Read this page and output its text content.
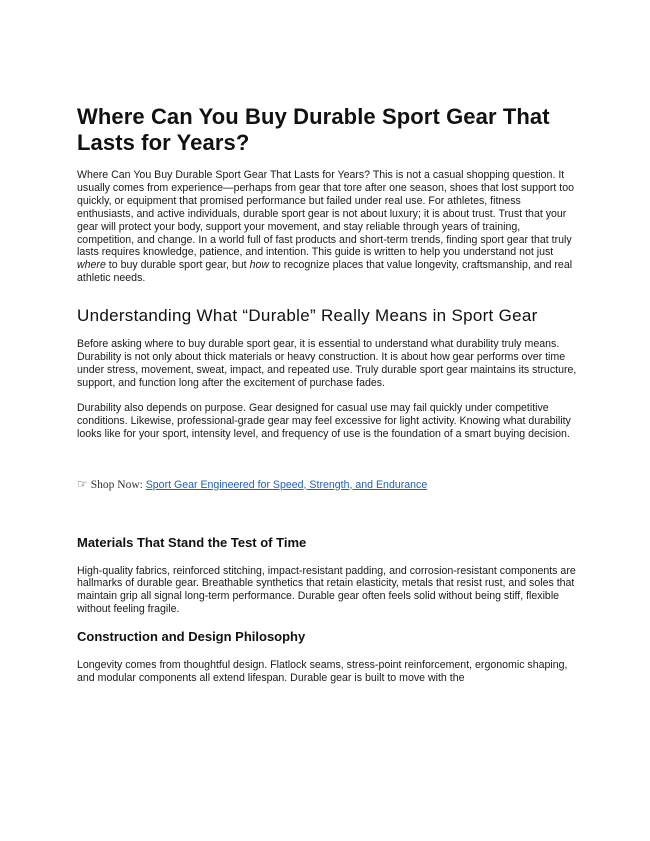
Where Can You Buy Durable Sport Gear That Lasts for Years?

Where Can You Buy Durable Sport Gear That Lasts for Years? This is not a casual shopping question. It usually comes from experience—perhaps from gear that tore after one season, shoes that lost support too quickly, or equipment that promised performance but failed under real use. For athletes, fitness enthusiasts, and active individuals, durable sport gear is not about luxury; it is about trust. Trust that your gear will protect your body, support your movement, and stay reliable through years of training, competition, and change. In a world full of fast products and short-term trends, finding sport gear that truly lasts requires knowledge, patience, and intention. This guide is written to help you understand not just where to buy durable sport gear, but how to recognize places that value longevity, craftsmanship, and real athletic needs.

Understanding What “Durable” Really Means in Sport Gear

Before asking where to buy durable sport gear, it is essential to understand what durability truly means. Durability is not only about thick materials or heavy construction. It is about how gear performs over time under stress, movement, sweat, impact, and repeated use. Truly durable sport gear maintains its structure, support, and function long after the excitement of purchase fades.

Durability also depends on purpose. Gear designed for casual use may fail quickly under competitive conditions. Likewise, professional-grade gear may feel excessive for light activity. Knowing what durability looks like for your sport, intensity level, and frequency of use is the foundation of a smart buying decision.

☞ Shop Now: Sport Gear Engineered for Speed, Strength, and Endurance
Materials That Stand the Test of Time

High-quality fabrics, reinforced stitching, impact-resistant padding, and corrosion-resistant components are hallmarks of durable gear. Breathable synthetics that retain elasticity, metals that resist rust, and soles that maintain grip all signal long-term performance. Durable gear often feels solid without being stiff, flexible without feeling fragile.

Construction and Design Philosophy

Longevity comes from thoughtful design. Flatlock seams, stress-point reinforcement, ergonomic shaping, and modular components all extend lifespan. Durable gear is built to move with the
